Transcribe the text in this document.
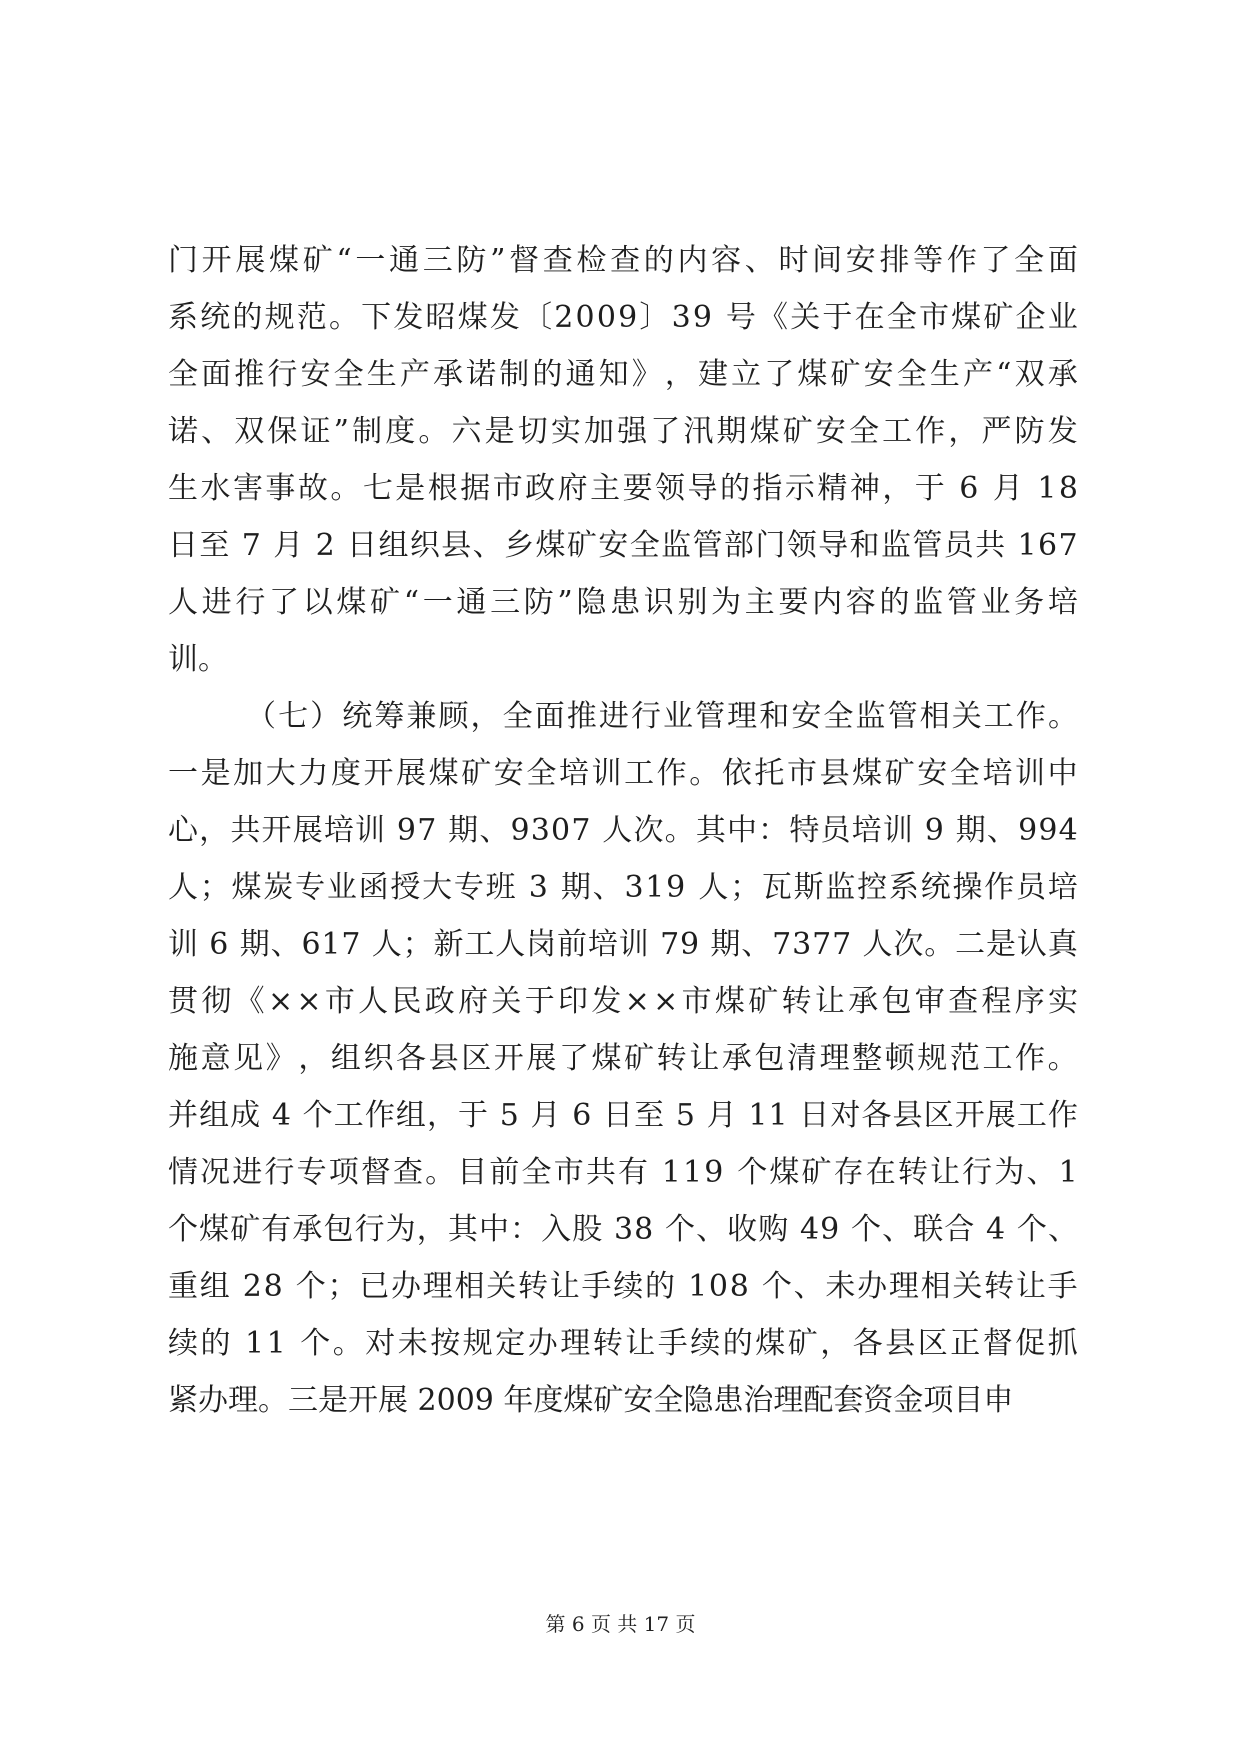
门 开 展 煤 矿 “ 一 通 三 防 ” 督 查 检 查 的 内 容 、 时 间 安 排 等 作 了 全 面
系 统 的 规 范 。 下 发 昭 煤 发 〔 2 0 0 9 〕 3 9
号 《 关 于 在 全 市 煤 矿 企 业
全 面 推 行 安 全 生 产 承 诺 制 的 通 知 》 ， 建 立 了 煤 矿 安 全 生 产 “ 双 承
诺 、 双 保 证 ” 制 度 。 六 是 切 实 加 强 了 汛 期 煤 矿 安 全 工 作 ， 严 防 发
生 水 害 事 故 。 七 是 根 据 市 政 府 主 要 领 导 的 指 示 精 神 ， 于
6
月
1 8
日 至
7
月
2
日 组 织 县 、 乡 煤 矿 安 全 监 管 部 门 领 导 和 监 管 员 共
1 6 7
人 进 行 了 以 煤 矿 “ 一 通 三 防 ” 隐 患 识 别 为 主 要 内 容 的 监 管 业 务 培
训。
（ 七 ） 统 筹 兼 顾 ， 全 面 推 进 行 业 管 理 和 安 全 监 管 相 关 工 作 。
一 是 加 大 力 度 开 展 煤 矿 安 全 培 训 工 作 。 依 托 市 县 煤 矿 安 全 培 训 中
心 ， 共 开 展 培 训
9 7
期 、 9 3 0 7
人 次 。 其 中 ： 特 员 培 训
9
期 、 9 9 4
人 ； 煤 炭 专 业 函 授 大 专 班
3
期 、 3 1 9
人 ； 瓦 斯 监 控 系 统 操 作 员 培
训
6
期 、 6 1 7
人 ； 新 工 人 岗 前 培 训
7 9
期 、 7 3 7 7
人 次 。 二 是 认 真
贯 彻 《 × × 市 人 民 政 府 关 于 印 发 × × 市 煤 矿 转 让 承 包 审 查 程 序 实
施 意 见 》 ， 组 织 各 县 区 开 展 了 煤 矿 转 让 承 包 清 理 整 顿 规 范 工 作 。
并 组 成
4
个 工 作 组 ， 于
5
月
6
日 至
5
月
1 1
日 对 各 县 区 开 展 工 作
情 况 进 行 专 项 督 查 。 目 前 全 市 共 有
1 1 9
个 煤 矿 存 在 转 让 行 为 、 1
个 煤 矿 有 承 包 行 为 ， 其 中 ： 入 股
3 8
个 、 收 购
4 9
个 、 联 合
4
个 、
重 组
2 8
个 ； 已 办 理 相 关 转 让 手 续 的
1 0 8
个 、 未 办 理 相 关 转 让 手
续 的
1 1
个 。 对 未 按 规 定 办 理 转 让 手 续 的 煤 矿 ， 各 县 区 正 督 促 抓
紧办理。三是开展 2009 年度煤矿安全隐患治理配套资金项目申
第 6 页 共 17 页
